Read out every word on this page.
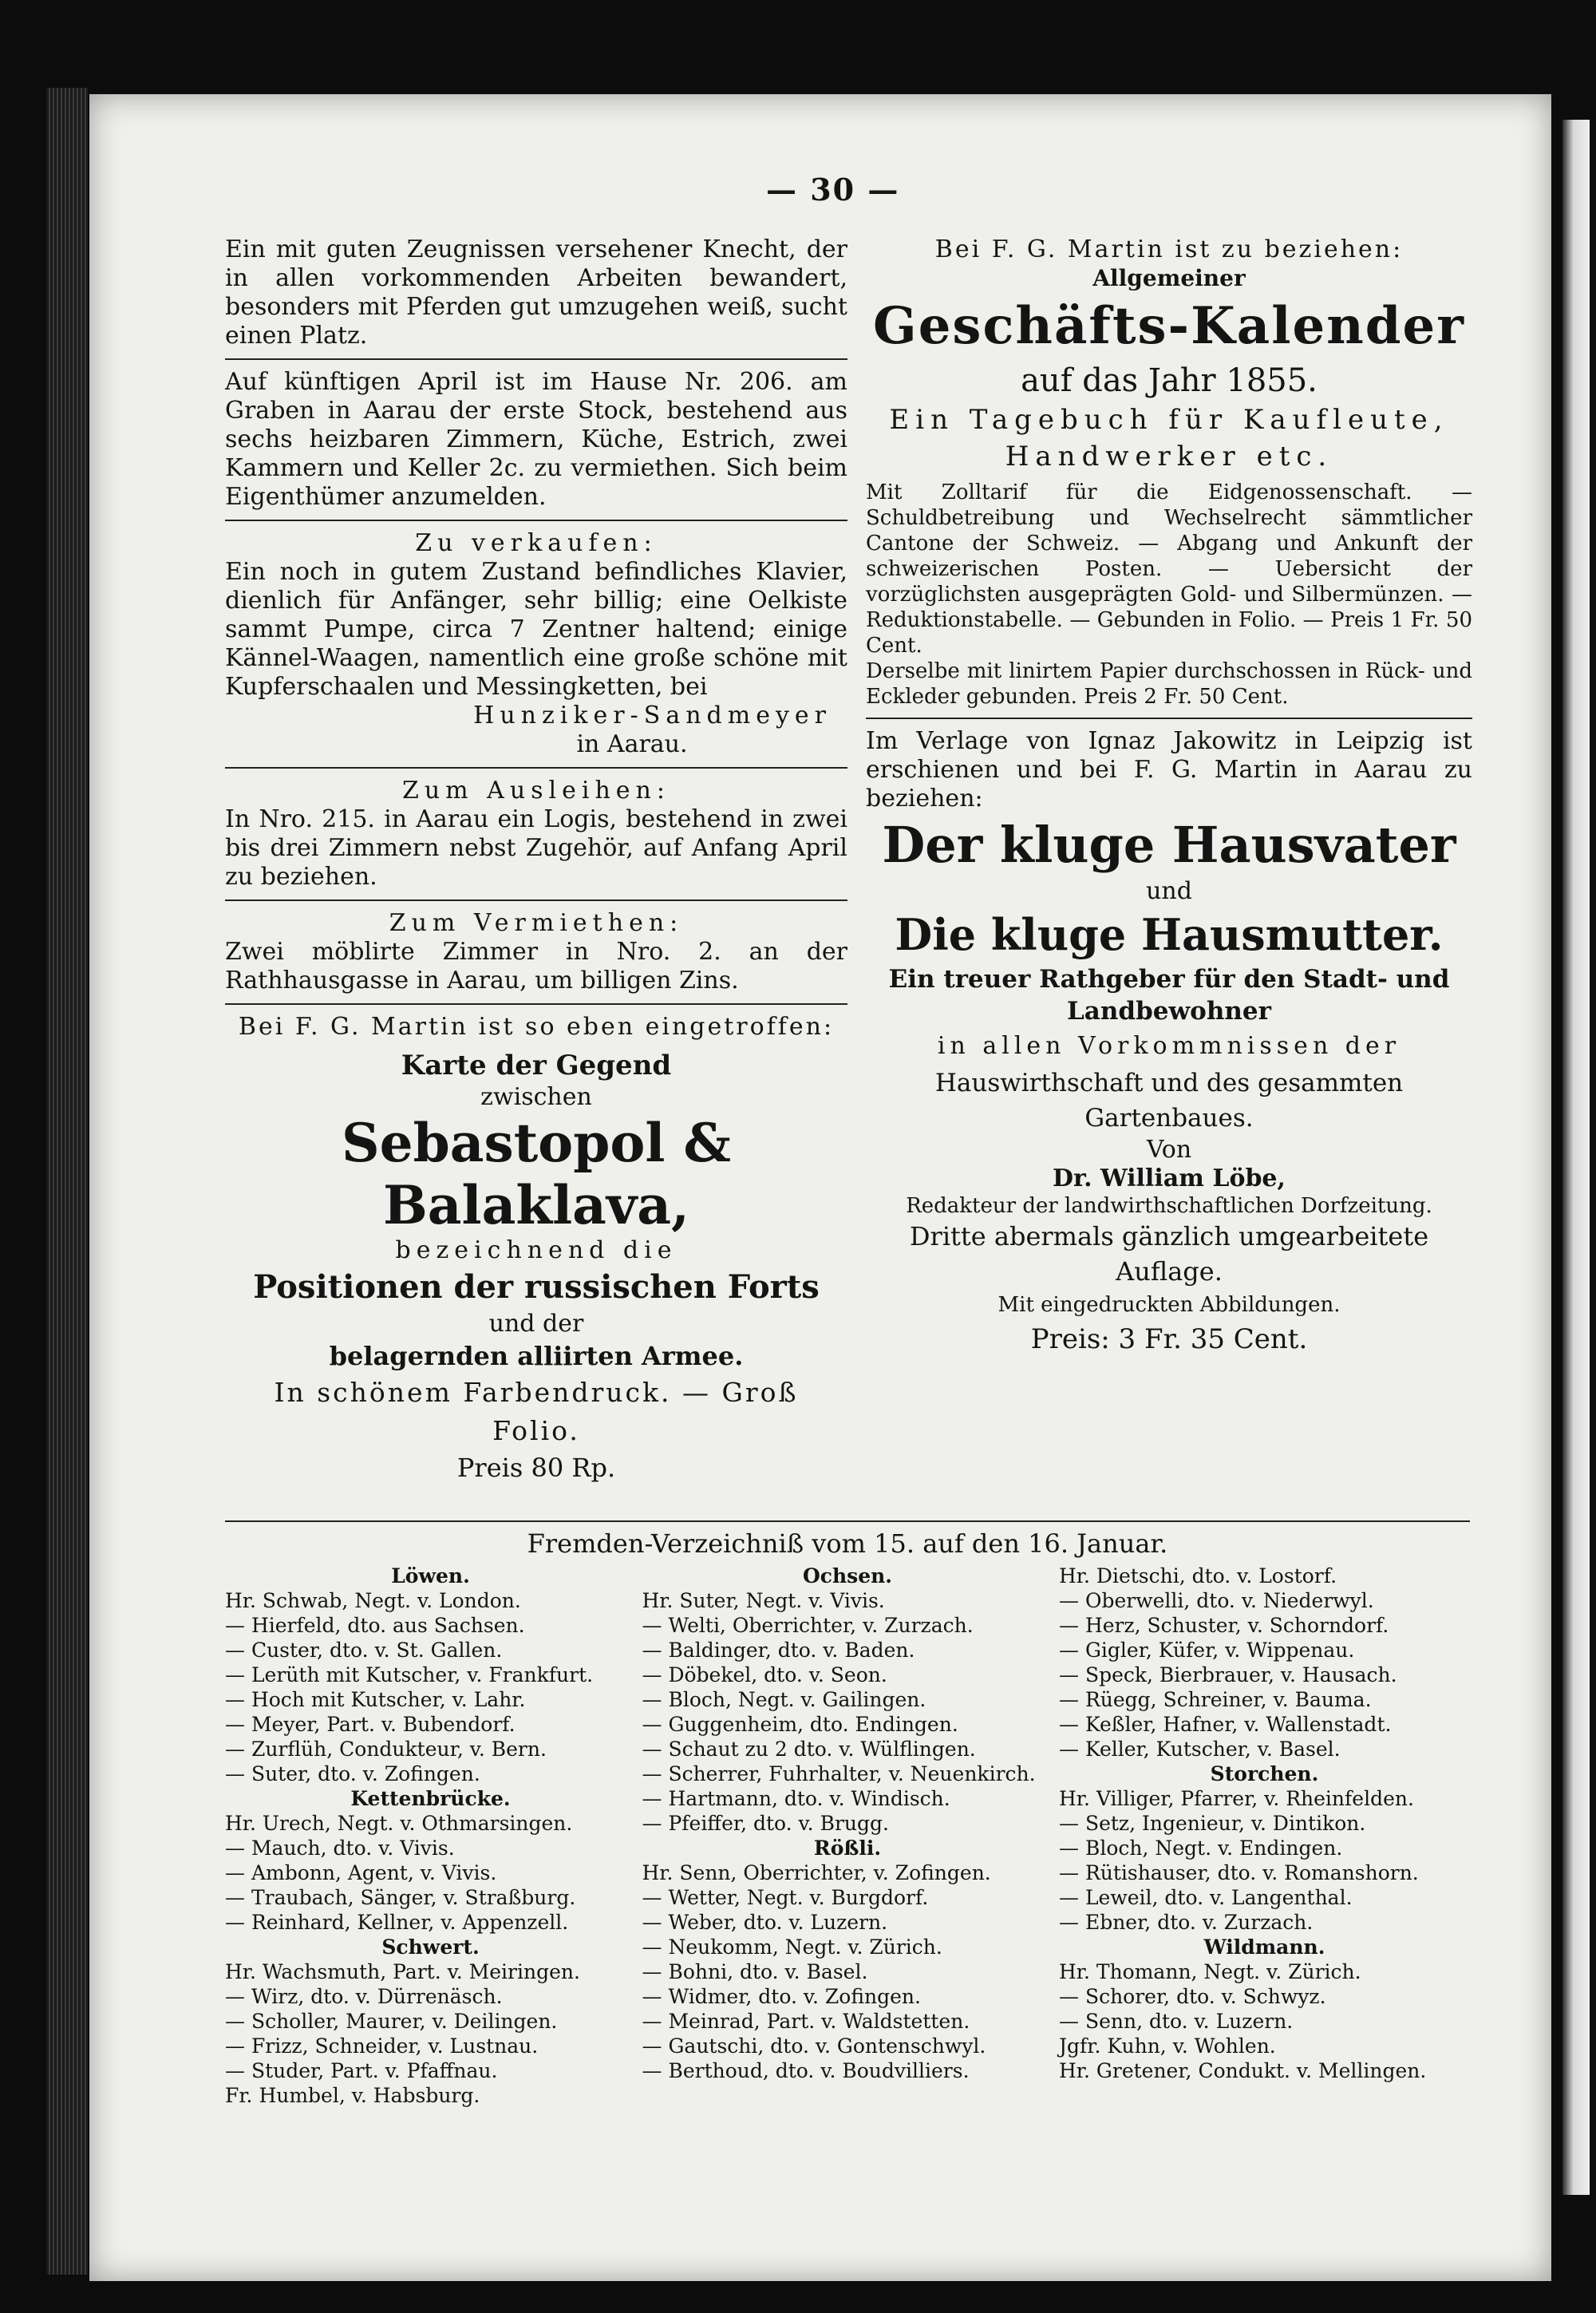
— 30 —

Ein mit guten Zeugnissen versehener Knecht, der in allen vorkommenden Arbeiten bewandert, besonders mit Pferden gut umzugehen weiß, sucht einen Platz.

Auf künftigen April ist im Hause Nr. 206. am Graben in Aarau der erste Stock, bestehend aus sechs heizbaren Zimmern, Küche, Estrich, zwei Kammern und Keller 2c. zu vermiethen. Sich beim Eigenthümer anzumelden.

Zu verkaufen:

Ein noch in gutem Zustand befindliches Klavier, dienlich für Anfänger, sehr billig; eine Oelkiste sammt Pumpe, circa 7 Zentner haltend; einige Kännel-Waagen, namentlich eine große schöne mit Kupferschaalen und Messingketten, bei

Hunziker-Sandmeyer

in Aarau.

Zum Ausleihen:

In Nro. 215. in Aarau ein Logis, bestehend in zwei bis drei Zimmern nebst Zugehör, auf Anfang April zu beziehen.

Zum Vermiethen:

Zwei möblirte Zimmer in Nro. 2. an der Rathhausgasse in Aarau, um billigen Zins.

Bei F. G. Martin ist so eben eingetroffen:

Karte der Gegend

zwischen

Sebastopol & Balaklava,

bezeichnend die

Positionen der russischen Forts

und der

belagernden alliirten Armee.

In schönem Farbendruck. — Groß Folio.

Preis 80 Rp.

Bei F. G. Martin ist zu beziehen:

Allgemeiner

Geschäfts-Kalender

auf das Jahr 1855.

Ein Tagebuch für Kaufleute,

Handwerker etc.

Mit Zolltarif für die Eidgenossenschaft. — Schuldbetreibung und Wechselrecht sämmtlicher Cantone der Schweiz. — Abgang und Ankunft der schweizerischen Posten. — Uebersicht der vorzüglichsten ausgeprägten Gold- und Silbermünzen. — Reduktionstabelle. — Gebunden in Folio. — Preis 1 Fr. 50 Cent.

Derselbe mit linirtem Papier durchschossen in Rück- und Eckleder gebunden. Preis 2 Fr. 50 Cent.

Im Verlage von Ignaz Jakowitz in Leipzig ist erschienen und bei F. G. Martin in Aarau zu beziehen:

Der kluge Hausvater

und

Die kluge Hausmutter.
Ein treuer Rathgeber für den Stadt- und Landbewohner

in allen Vorkommnissen der

Hauswirthschaft und des gesammten Gartenbaues.

Von

Dr. William Löbe,

Redakteur der landwirthschaftlichen Dorfzeitung.

Dritte abermals gänzlich umgearbeitete Auflage.

Mit eingedruckten Abbildungen.

Preis: 3 Fr. 35 Cent.

Fremden-Verzeichniß vom 15. auf den 16. Januar.

Löwen.

Hr. Schwab, Negt. v. London.

— Hierfeld, dto. aus Sachsen.

— Custer, dto. v. St. Gallen.

— Lerüth mit Kutscher, v. Frankfurt.

— Hoch mit Kutscher, v. Lahr.

— Meyer, Part. v. Bubendorf.

— Zurflüh, Condukteur, v. Bern.

— Suter, dto. v. Zofingen.

Kettenbrücke.

Hr. Urech, Negt. v. Othmarsingen.

— Mauch, dto. v. Vivis.

— Ambonn, Agent, v. Vivis.

— Traubach, Sänger, v. Straßburg.

— Reinhard, Kellner, v. Appenzell.

Schwert.

Hr. Wachsmuth, Part. v. Meiringen.

— Wirz, dto. v. Dürrenäsch.

— Scholler, Maurer, v. Deilingen.

— Frizz, Schneider, v. Lustnau.

— Studer, Part. v. Pfaffnau.

Fr. Humbel, v. Habsburg.

Ochsen.

Hr. Suter, Negt. v. Vivis.

— Welti, Oberrichter, v. Zurzach.

— Baldinger, dto. v. Baden.

— Döbekel, dto. v. Seon.

— Bloch, Negt. v. Gailingen.

— Guggenheim, dto. Endingen.

— Schaut zu 2 dto. v. Wülflingen.

— Scherrer, Fuhrhalter, v. Neuenkirch.

— Hartmann, dto. v. Windisch.

— Pfeiffer, dto. v. Brugg.

Rößli.

Hr. Senn, Oberrichter, v. Zofingen.

— Wetter, Negt. v. Burgdorf.

— Weber, dto. v. Luzern.

— Neukomm, Negt. v. Zürich.

— Bohni, dto. v. Basel.

— Widmer, dto. v. Zofingen.

— Meinrad, Part. v. Waldstetten.

— Gautschi, dto. v. Gontenschwyl.

— Berthoud, dto. v. Boudvilliers.

Hr. Dietschi, dto. v. Lostorf.

— Oberwelli, dto. v. Niederwyl.

— Herz, Schuster, v. Schorndorf.

— Gigler, Küfer, v. Wippenau.

— Speck, Bierbrauer, v. Hausach.

— Rüegg, Schreiner, v. Bauma.

— Keßler, Hafner, v. Wallenstadt.

— Keller, Kutscher, v. Basel.

Storchen.

Hr. Villiger, Pfarrer, v. Rheinfelden.

— Setz, Ingenieur, v. Dintikon.

— Bloch, Negt. v. Endingen.

— Rütishauser, dto. v. Romanshorn.

— Leweil, dto. v. Langenthal.

— Ebner, dto. v. Zurzach.

Wildmann.

Hr. Thomann, Negt. v. Zürich.

— Schorer, dto. v. Schwyz.

— Senn, dto. v. Luzern.

Jgfr. Kuhn, v. Wohlen.

Hr. Gretener, Condukt. v. Mellingen.
